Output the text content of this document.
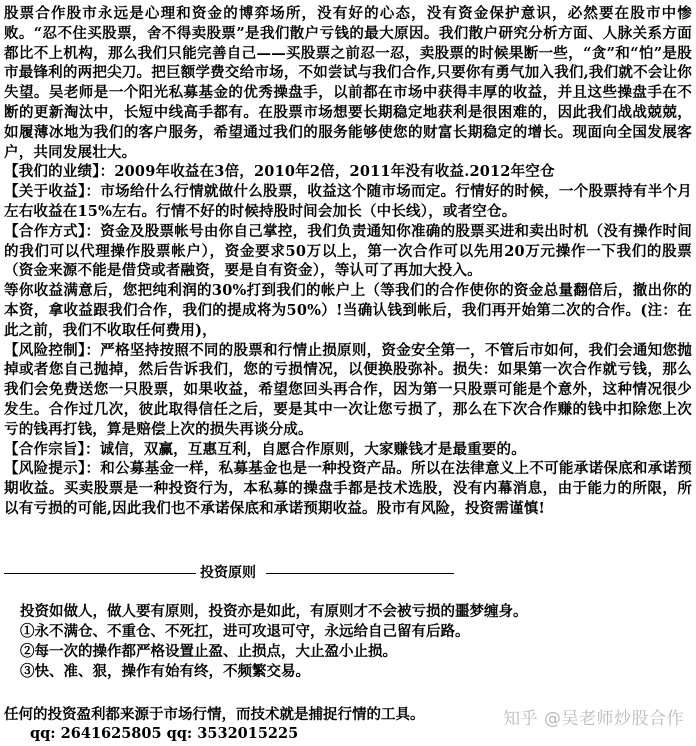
股票合作股市永远是心理和资金的博弈场所，没有好的心态，没有资金保护意识，必然要在股市中惨败。“忍不住买股票，舍不得卖股票”是我们散户亏钱的最大原因。我们散户研究分析方面、人脉关系方面都比不上机构，那么我们只能完善自己——买股票之前忍一忍，卖股票的时候果断一些，“贪”和“怕”是股市最锋利的两把尖刀。把巨额学费交给市场，不如尝试与我们合作,只要你有勇气加入我们,我们就不会让你失望。吴老师是一个阳光私募基金的优秀操盘手，以前都在市场中获得丰厚的收益，并且这些操盘手在不断的更新淘汰中，长短中线高手都有。在股票市场想要长期稳定地获利是很困难的，因此我们战战兢兢，如履薄冰地为我们的客户服务，希望通过我们的服务能够使您的财富长期稳定的增长。现面向全国发展客户，共同发展壮大。

【我们的业绩】：2009年收益在3倍，2010年2倍，2011年没有收益.2012年空仓

【关于收益】：市场给什么行情就做什么股票，收益这个随市场而定。行情好的时候，一个股票持有半个月左右收益在15%左右。行情不好的时候持股时间会加长（中长线），或者空仓。

【合作方式】：资金及股票帐号由你自己掌控，我们负责通知你准确的股票买进和卖出时机（没有操作时间的我们可以代理操作股票帐户），资金要求50万以上，第一次合作可以先用20万元操作一下我们的股票（资金来源不能是借贷或者融资，要是自有资金），等认可了再加大投入。

等你收益满意后，您把纯利润的30%打到我们的帐户上（等我们的合作使你的资金总量翻倍后，撤出你的本资，拿收益跟我们合作，我们的提成将为50%）!当确认钱到帐后，我们再开始第二次的合作。(注：在此之前，我们不收取任何费用)，

【风险控制】：严格坚持按照不同的股票和行情止损原则，资金安全第一，不管后市如何，我们会通知您抛掉或者您自己抛掉，然后告诉我们，您的亏损情况，以便换股弥补。损失：如果第一次合作就亏钱，那么我们会免费送您一只股票，如果收益，希望您回头再合作，因为第一只股票可能是个意外，这种情况很少发生。合作过几次，彼此取得信任之后，要是其中一次让您亏损了，那么在下次合作赚的钱中扣除您上次亏的钱再打钱，算是赔偿上次的损失再谈分成。

【合作宗旨】：诚信，双赢，互惠互利，自愿合作原则，大家赚钱才是最重要的。

【风险提示】：和公募基金一样，私募基金也是一种投资产品。所以在法律意义上不可能承诺保底和承诺预期收益。买卖股票是一种投资行为，本私募的操盘手都是技术选股，没有内幕消息，由于能力的所限，所以有亏损的可能,因此我们也不承诺保底和承诺预期收益。股市有风险，投资需谨慎!

投资原则

投资如做人，做人要有原则，投资亦是如此，有原则才不会被亏损的噩梦缠身。

①永不满仓、不重仓、不死扛，进可攻退可守，永远给自己留有后路。

②每一次的操作都严格设置止盈、止损点，大止盈小止损。

③快、准、狠，操作有始有终，不频繁交易。

任何的投资盈利都来源于市场行情，而技术就是捕捉行情的工具。

qq: 2641625805 qq: 3532015225

知乎 @吴老师炒股合作
